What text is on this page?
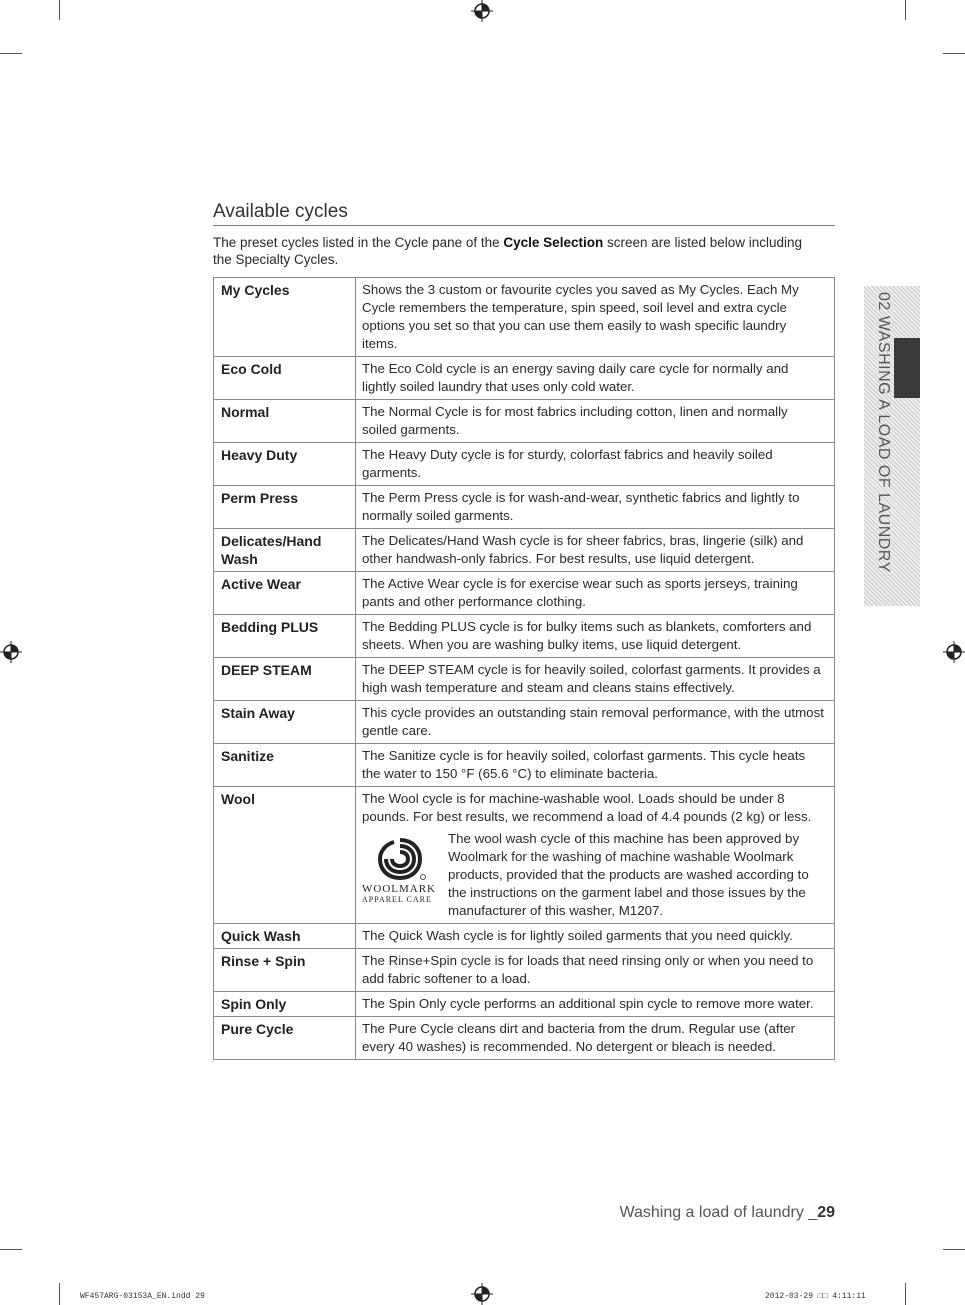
Available cycles
The preset cycles listed in the Cycle pane of the Cycle Selection screen are listed below including the Specialty Cycles.
My Cycles	Shows the 3 custom or favourite cycles you saved as My Cycles. Each My Cycle remembers the temperature, spin speed, soil level and extra cycle options you set so that you can use them easily to wash specific laundry items.
Eco Cold	The Eco Cold cycle is an energy saving daily care cycle for normally and lightly soiled laundry that uses only cold water.
Normal	The Normal Cycle is for most fabrics including cotton, linen and normally soiled garments.
Heavy Duty	The Heavy Duty cycle is for sturdy, colorfast fabrics and heavily soiled garments.
Perm Press	The Perm Press cycle is for wash-and-wear, synthetic fabrics and lightly to normally soiled garments.
Delicates/Hand Wash	The Delicates/Hand Wash cycle is for sheer fabrics, bras, lingerie (silk) and other handwash-only fabrics. For best results, use liquid detergent.
Active Wear	The Active Wear cycle is for exercise wear such as sports jerseys, training pants and other performance clothing.
Bedding PLUS	The Bedding PLUS cycle is for bulky items such as blankets, comforters and sheets. When you are washing bulky items, use liquid detergent.
DEEP STEAM	The DEEP STEAM cycle is for heavily soiled, colorfast garments. It provides a high wash temperature and steam and cleans stains effectively.
Stain Away	This cycle provides an outstanding stain removal performance, with the utmost gentle care.
Sanitize	The Sanitize cycle is for heavily soiled, colorfast garments. This cycle heats the water to 150 °F (65.6 °C) to eliminate bacteria.
Wool	The Wool cycle is for machine-washable wool. Loads should be under 8 pounds. For best results, we recommend a load of 4.4 pounds (2 kg) or less.
WOOLMARK
APPAREL CARE
The wool wash cycle of this machine has been approved by Woolmark for the washing of machine washable Woolmark products, provided that the products are washed according to the instructions on the garment label and those issues by the manufacturer of this washer, M1207.

Quick Wash	The Quick Wash cycle is for lightly soiled garments that you need quickly.
Rinse + Spin	The Rinse+Spin cycle is for loads that need rinsing only or when you need to add fabric softener to a load.
Spin Only	The Spin Only cycle performs an additional spin cycle to remove more water.
Pure Cycle	The Pure Cycle cleans dirt and bacteria from the drum. Regular use (after every 40 washes) is recommended. No detergent or bleach is needed.
02 WASHING A LOAD OF LAUNDRY
Washing a load of laundry _29
WF457ARG-03153A_EN.indd 29	2012-03-29 □□ 4:11:11
